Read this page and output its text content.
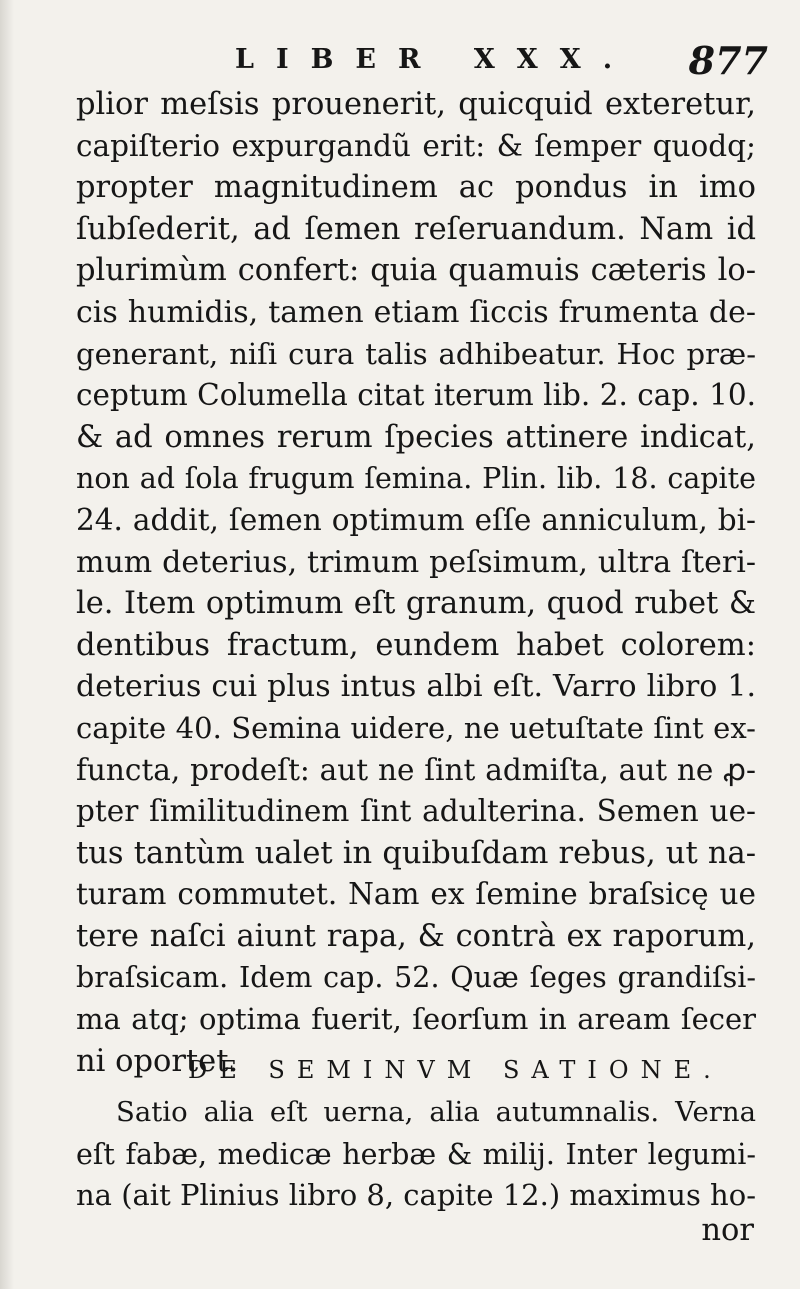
LIBER XXX. 877
plior meſsis prouenerit, quicquid exteretur,
capiſterio expurgandũ erit: & ſemper quodq;
propter magnitudinem ac pondus in imo
ſubſederit, ad ſemen reſeruandum. Nam id
plurimùm confert: quia quamuis cæteris lo-
cis humidis, tamen etiam ſiccis frumenta de-
generant, niſi cura talis adhibeatur. Hoc præ-
ceptum Columella citat iterum lib. 2. cap. 10.
& ad omnes rerum ſpecies attinere indicat,
non ad ſola frugum ſemina. Plin. lib. 18. capite
24. addit, ſemen optimum eſſe anniculum, bi-
mum deterius, trimum peſsimum, ultra ſteri-
le. Item optimum eſt granum, quod rubet &
dentibus fractum, eundem habet colorem:
deterius cui plus intus albi eſt. Varro libro 1.
capite 40. Semina uidere, ne uetuſtate ſint ex-
functa, prodeſt: aut ne ſint admiſta, aut ne ꝓ-
pter ſimilitudinem ſint adulterina. Semen ue-
tus tantùm ualet in quibuſdam rebus, ut na-
turam commutet. Nam ex ſemine braſsicę ue
tere naſci aiunt rapa, & contrà ex raporum,
braſsicam. Idem cap. 52. Quæ ſeges grandiſsi-
ma atq; optima fuerit, ſeorſum in aream ſecer
ni oportet.
DE SEMINVM SATIONE.
Satio alia eſt uerna, alia autumnalis. Verna
eſt fabæ, medicæ herbæ & milij. Inter legumi-
na (ait Plinius libro 8, capite 12.) maximus ho-
nor
